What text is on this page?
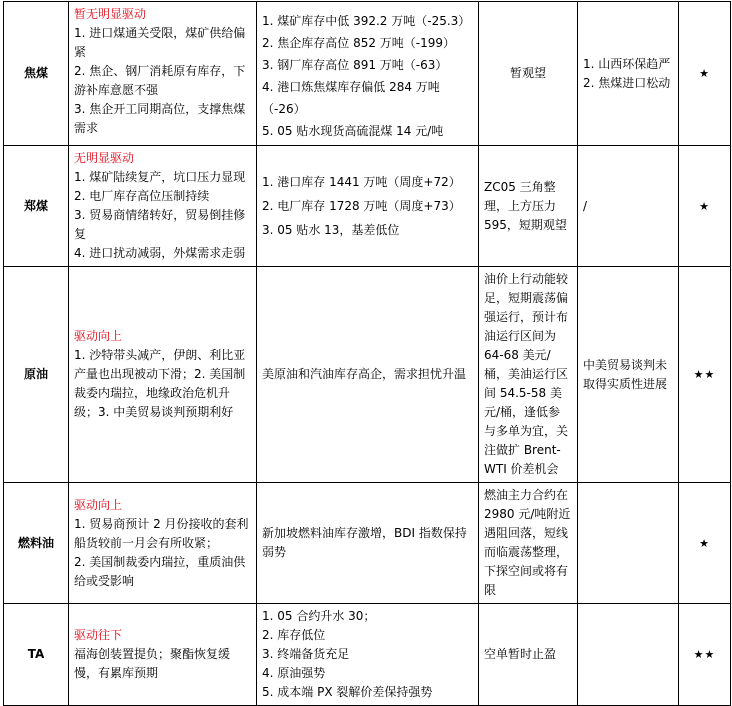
焦煤	暂无明显驱动
1. 进口煤通关受限，煤矿供给偏紧
2. 焦企、钢厂消耗原有库存，下游补库意愿不强
3. 焦企开工同期高位，支撑焦煤需求	1. 煤矿库存中低 392.2 万吨（-25.3）
2. 焦企库存高位 852 万吨（-199）
3. 钢厂库存高位 891 万吨（-63）
4. 港口炼焦煤库存偏低 284 万吨（-26）
5. 05 贴水现货高硫混煤 14 元/吨	暂观望	1. 山西环保趋严
2. 焦煤进口松动	★
郑煤	无明显驱动
1. 煤矿陆续复产，坑口压力显现
2. 电厂库存高位压制持续
3. 贸易商情绪转好，贸易倒挂修复
4. 进口扰动减弱，外煤需求走弱	1. 港口库存 1441 万吨（周度+72）
2. 电厂库存 1728 万吨（周度+73）
3. 05 贴水 13，基差低位	ZC05 三角整理，上方压力 595，短期观望	/	★
原油	驱动向上
1. 沙特带头减产，伊朗、利比亚产量也出现被动下滑；2. 美国制裁委内瑞拉，地缘政治危机升级；3. 中美贸易谈判预期利好	美原油和汽油库存高企，需求担忧升温	油价上行动能较足，短期震荡偏强运行，预计布油运行区间为 64-68 美元/桶，美油运行区间 54.5-58 美元/桶，逢低参与多单为宜，关注做扩 Brent-WTI 价差机会	中美贸易谈判未取得实质性进展	★★
燃料油	驱动向上
1. 贸易商预计 2 月份接收的套利船货较前一月会有所收紧；
2. 美国制裁委内瑞拉，重质油供给或受影响	新加坡燃料油库存激增，BDI 指数保持弱势	燃油主力合约在 2980 元/吨附近遇阻回落，短线而临震荡整理，下探空间或将有限		★
TA	驱动往下
福海创装置提负；聚酯恢复缓慢，有累库预期	1. 05 合约升水 30；
2. 库存低位
3. 终端备货充足
4. 原油强势
5. 成本端 PX 裂解价差保持强势	空单暂时止盈		★★
